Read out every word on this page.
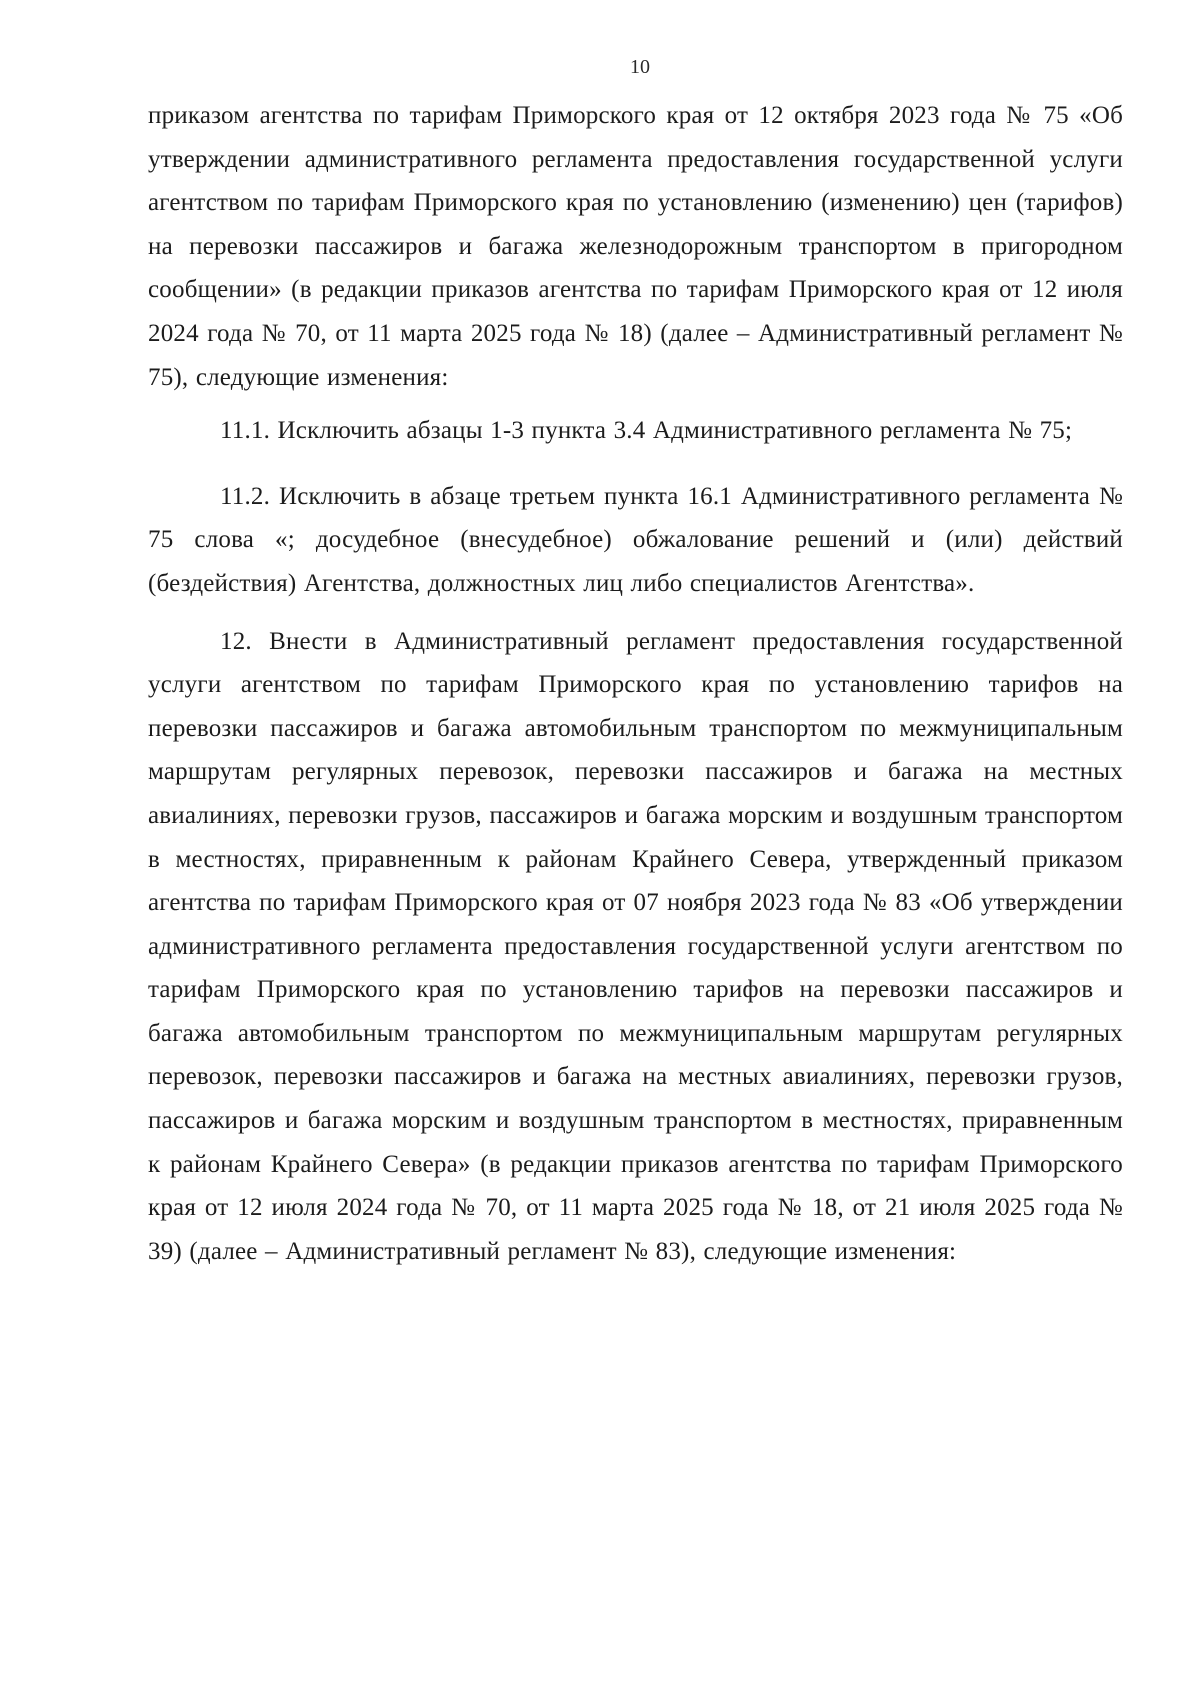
10

приказом агентства по тарифам Приморского края от 12 октября 2023 года № 75 «Об утверждении административного регламента предоставления государственной услуги агентством по тарифам Приморского края по установлению (изменению) цен (тарифов) на перевозки пассажиров и багажа железнодорожным транспортом в пригородном сообщении» (в редакции приказов агентства по тарифам Приморского края от 12 июля 2024 года № 70, от 11 марта 2025 года № 18) (далее – Административный регламент № 75), следующие изменения:

11.1. Исключить абзацы 1-3 пункта 3.4 Административного регламента № 75;

11.2. Исключить в абзаце третьем пункта 16.1 Административного регламента № 75 слова «; досудебное (внесудебное) обжалование решений и (или) действий (бездействия) Агентства, должностных лиц либо специалистов Агентства».

12. Внести в Административный регламент предоставления государственной услуги агентством по тарифам Приморского края по установлению тарифов на перевозки пассажиров и багажа автомобильным транспортом по межмуниципальным маршрутам регулярных перевозок, перевозки пассажиров и багажа на местных авиалиниях, перевозки грузов, пассажиров и багажа морским и воздушным транспортом в местностях, приравненным к районам Крайнего Севера, утвержденный приказом агентства по тарифам Приморского края от 07 ноября 2023 года № 83 «Об утверждении административного регламента предоставления государственной услуги агентством по тарифам Приморского края по установлению тарифов на перевозки пассажиров и багажа автомобильным транспортом по межмуниципальным маршрутам регулярных перевозок, перевозки пассажиров и багажа на местных авиалиниях, перевозки грузов, пассажиров и багажа морским и воздушным транспортом в местностях, приравненным к районам Крайнего Севера» (в редакции приказов агентства по тарифам Приморского края от 12 июля 2024 года № 70, от 11 марта 2025 года № 18, от 21 июля 2025 года № 39) (далее – Административный регламент № 83), следующие изменения:
